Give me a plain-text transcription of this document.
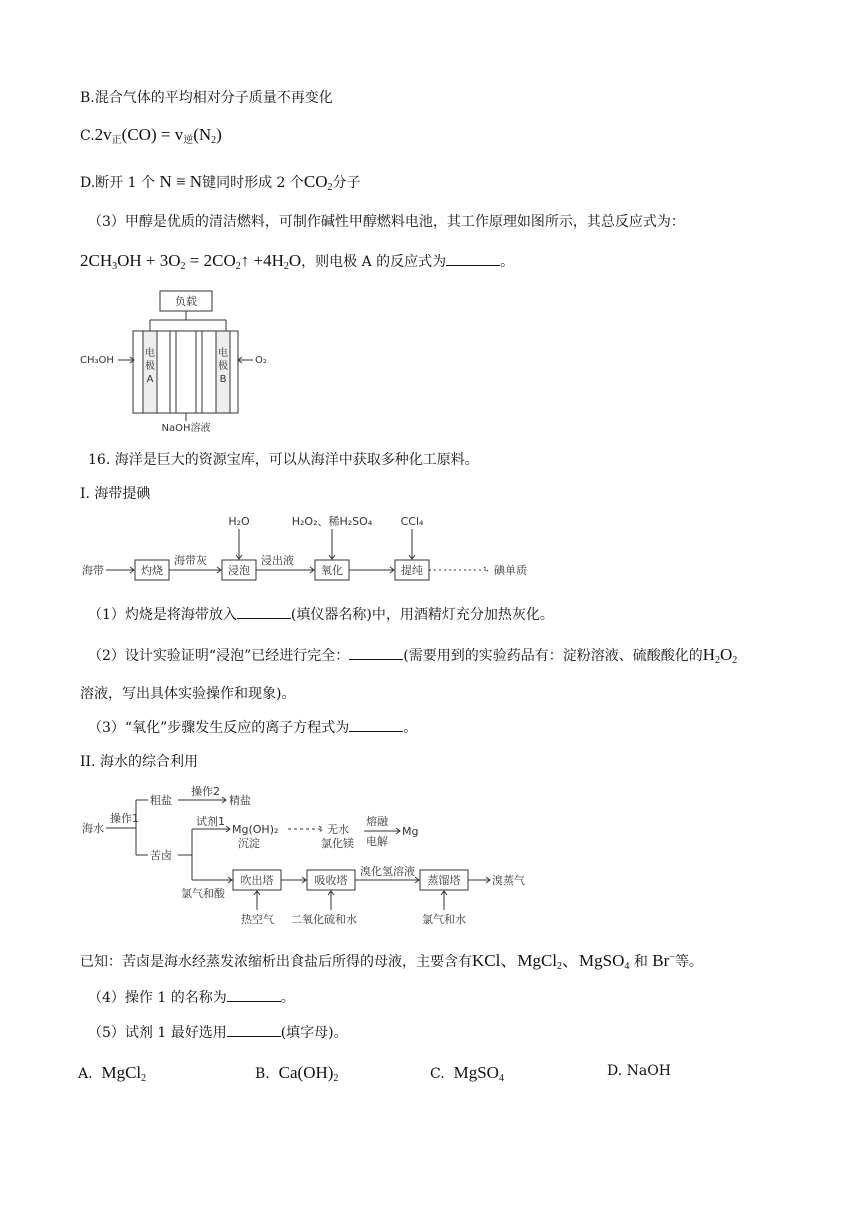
B.混合气体的平均相对分子质量不再变化
$C.2v_正(CO) = v_逆(N_2)$
D.断开 1 个 N ≡ N键同时形成 2 个$CO_2$分子
（3）甲醇是优质的清洁燃料，可制作碱性甲醇燃料电池，其工作原理如图所示，其总反应式为：
$2CH_3OH + 3O_2$ = $2CO_2↑ +4H_2O$，则电极 A 的反应式为	。
负载
CH₃OH
电
极
A
电
极
B
O₂
NaOH溶液
16. 海洋是巨大的资源宝库，可以从海洋中获取多种化工原料。
I. 海带提碘
海带	灼烧
海带灰
浸泡
浸出液
氧化	提纯	碘单质
H₂O	H₂O₂、稀H₂SO₄	CCl₄
（1）灼烧是将海带放入	(填仪器名称)中，用酒精灯充分加热灰化。
（2）设计实验证明“浸泡”已经进行完全：	(需要用到的实验药品有：淀粉溶液、硫酸酸化的$H_2O_2$
溶液，写出具体实验操作和现象)。
（3）“氧化”步骤发生反应的离子方程式为	。
II. 海水的综合利用
海水
操作1
粗盐
操作2
精盐
苦卤
试剂1
Mg(OH)₂
沉淀
无水
氯化镁
熔融
电解
Mg
氯气和酸
吹出塔
热空气
吸收塔
二氧化硫和水
溴化氢溶液
蒸馏塔
氯气和水
溴蒸气
已知：苦卤是海水经蒸发浓缩析出食盐后所得的母液，主要含有KCl、MgCl$_2$、MgSO$_4$ 和 Br−等。
（4）操作 1 的名称为	。
（5）试剂 1 最好选用	(填字母)。
A. MgCl$_2$	B. $Ca(OH)_2$	C. MgSO$_4$	D. NaOH
